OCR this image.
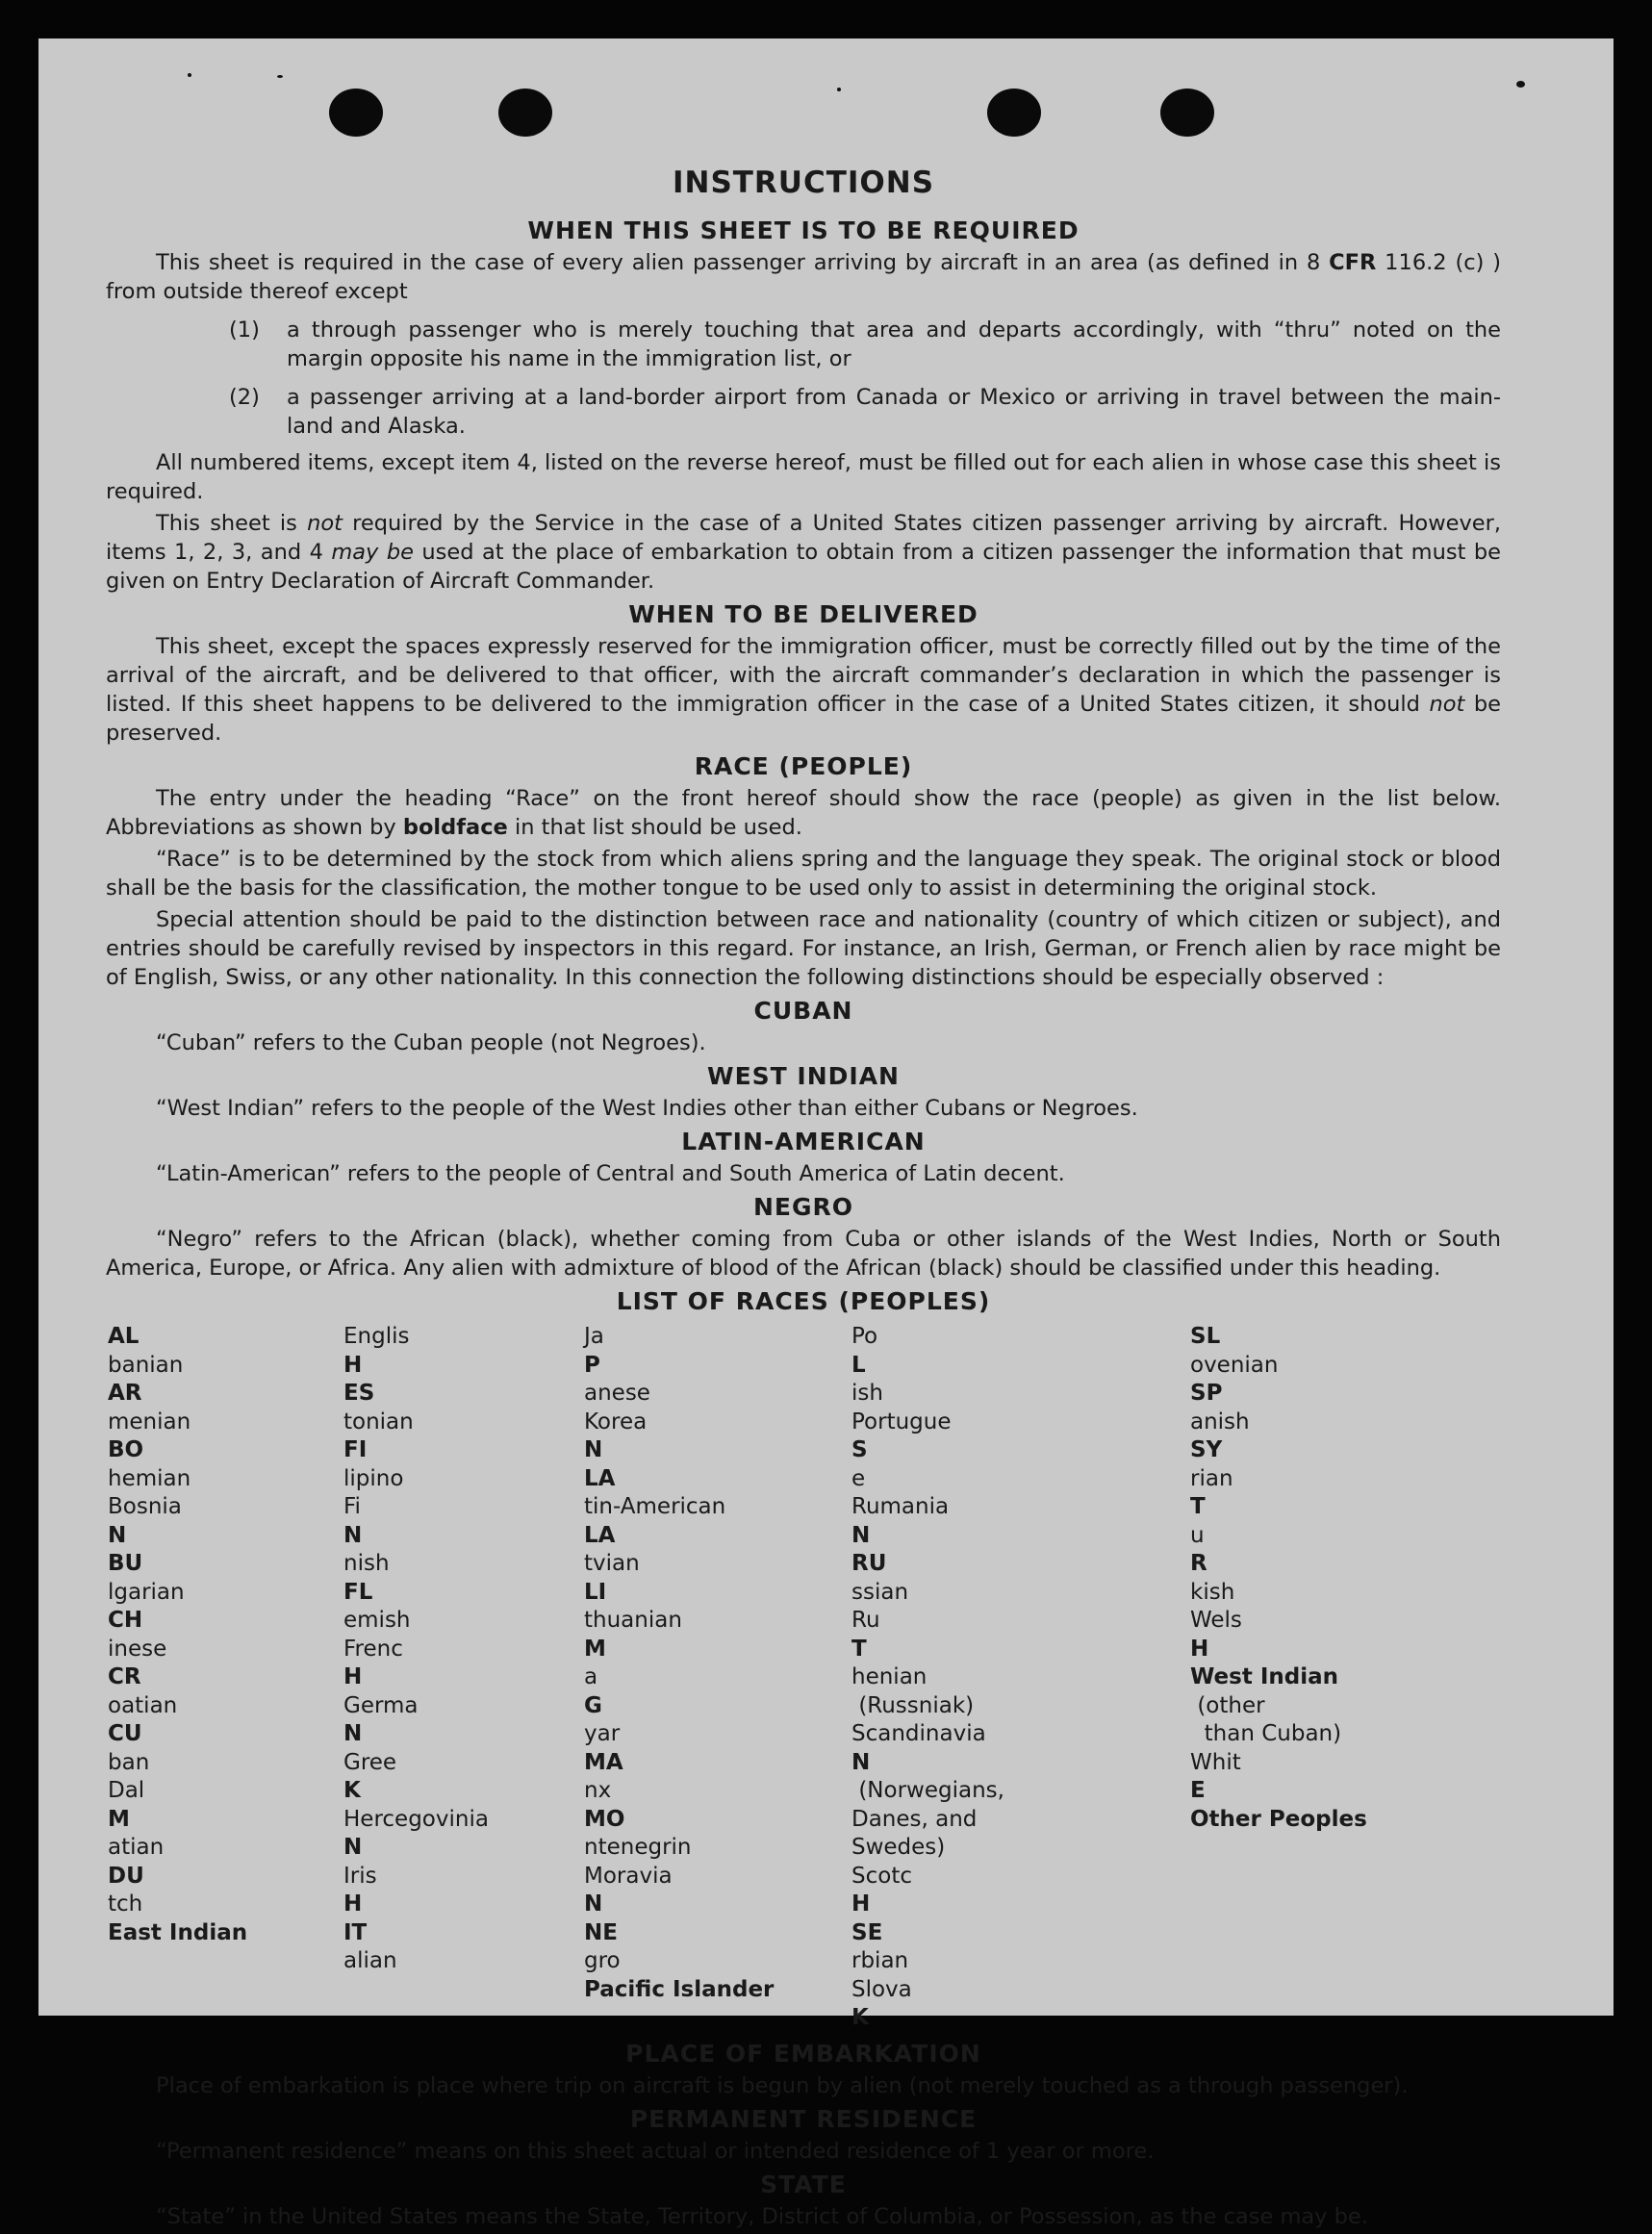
INSTRUCTIONS
WHEN THIS SHEET IS TO BE REQUIRED

This sheet is required in the case of every alien passenger arriving by aircraft in an area (as defined in 8 CFR 116.2 (c) ) from outside thereof except

(1)	a through passenger who is merely touching that area and departs accordingly, with “thru” noted on the margin opposite his name in the immigration list, or
(2)	a passenger arriving at a land-border airport from Canada or Mexico or arriving in travel between the main-land and Alaska.

All numbered items, except item 4, listed on the reverse hereof, must be filled out for each alien in whose case this sheet is required.

This sheet is not required by the Service in the case of a United States citizen passenger arriving by aircraft. However, items 1, 2, 3, and 4 may be used at the place of embarkation to obtain from a citizen passenger the information that must be given on Entry Declaration of Aircraft Commander.

WHEN TO BE DELIVERED

This sheet, except the spaces expressly reserved for the immigration officer, must be correctly filled out by the time of the arrival of the aircraft, and be delivered to that officer, with the aircraft commander’s declaration in which the passenger is listed. If this sheet happens to be delivered to the immigration officer in the case of a United States citizen, it should not be preserved.

RACE (PEOPLE)

The entry under the heading “Race” on the front hereof should show the race (people) as given in the list below. Abbreviations as shown by boldface in that list should be used.

“Race” is to be determined by the stock from which aliens spring and the language they speak. The original stock or blood shall be the basis for the classification, the mother tongue to be used only to assist in determining the original stock.

Special attention should be paid to the distinction between race and nationality (country of which citizen or subject), and entries should be carefully revised by inspectors in this regard. For instance, an Irish, German, or French alien by race might be of English, Swiss, or any other nationality. In this connection the following distinctions should be especially observed :

CUBAN

“Cuban” refers to the Cuban people (not Negroes).

WEST INDIAN

“West Indian” refers to the people of the West Indies other than either Cubans or Negroes.

LATIN-AMERICAN

“Latin-American” refers to the people of Central and South America of Latin decent.

NEGRO

“Negro” refers to the African (black), whether coming from Cuba or other islands of the West Indies, North or South America, Europe, or Africa. Any alien with admixture of blood of the African (black) should be classified under this heading.

LIST OF RACES (PEOPLES)
AL
banian
AR
menian
BO
hemian
Bosnia
N
BU
lgarian
CH
inese
CR
oatian
CU
ban
Dal
M
atian
DU
tch
East Indian
Englis
H
ES
tonian
FI
lipino
Fi
N
nish
FL
emish
Frenc
H
Germa
N
Gree
K
Hercegovinia
N
Iris
H
IT
alian
Ja
P
anese
Korea
N
LA
tin-American
LA
tvian
LI
thuanian
M
a
G
yar
MA
nx
MO
ntenegrin
Moravia
N
NE
gro
Pacific Islander
Po
L
ish
Portugue
S
e
Rumania
N
RU
ssian
Ru
T
henian
(Russniak)
Scandinavia
N
(Norwegians,
Danes, and
Swedes)
Scotc
H
SE
rbian
Slova
K
SL
ovenian
SP
anish
SY
rian
T
u
R
kish
Wels
H
West Indian
(other
than Cuban)
Whit
E
Other Peoples
PLACE OF EMBARKATION

Place of embarkation is place where trip on aircraft is begun by alien (not merely touched as a through passenger).

PERMANENT RESIDENCE

“Permanent residence” means on this sheet actual or intended residence of 1 year or more.

STATE

“State” in the United States means the State, Territory, District of Columbia, or Possession, as the case may be.
